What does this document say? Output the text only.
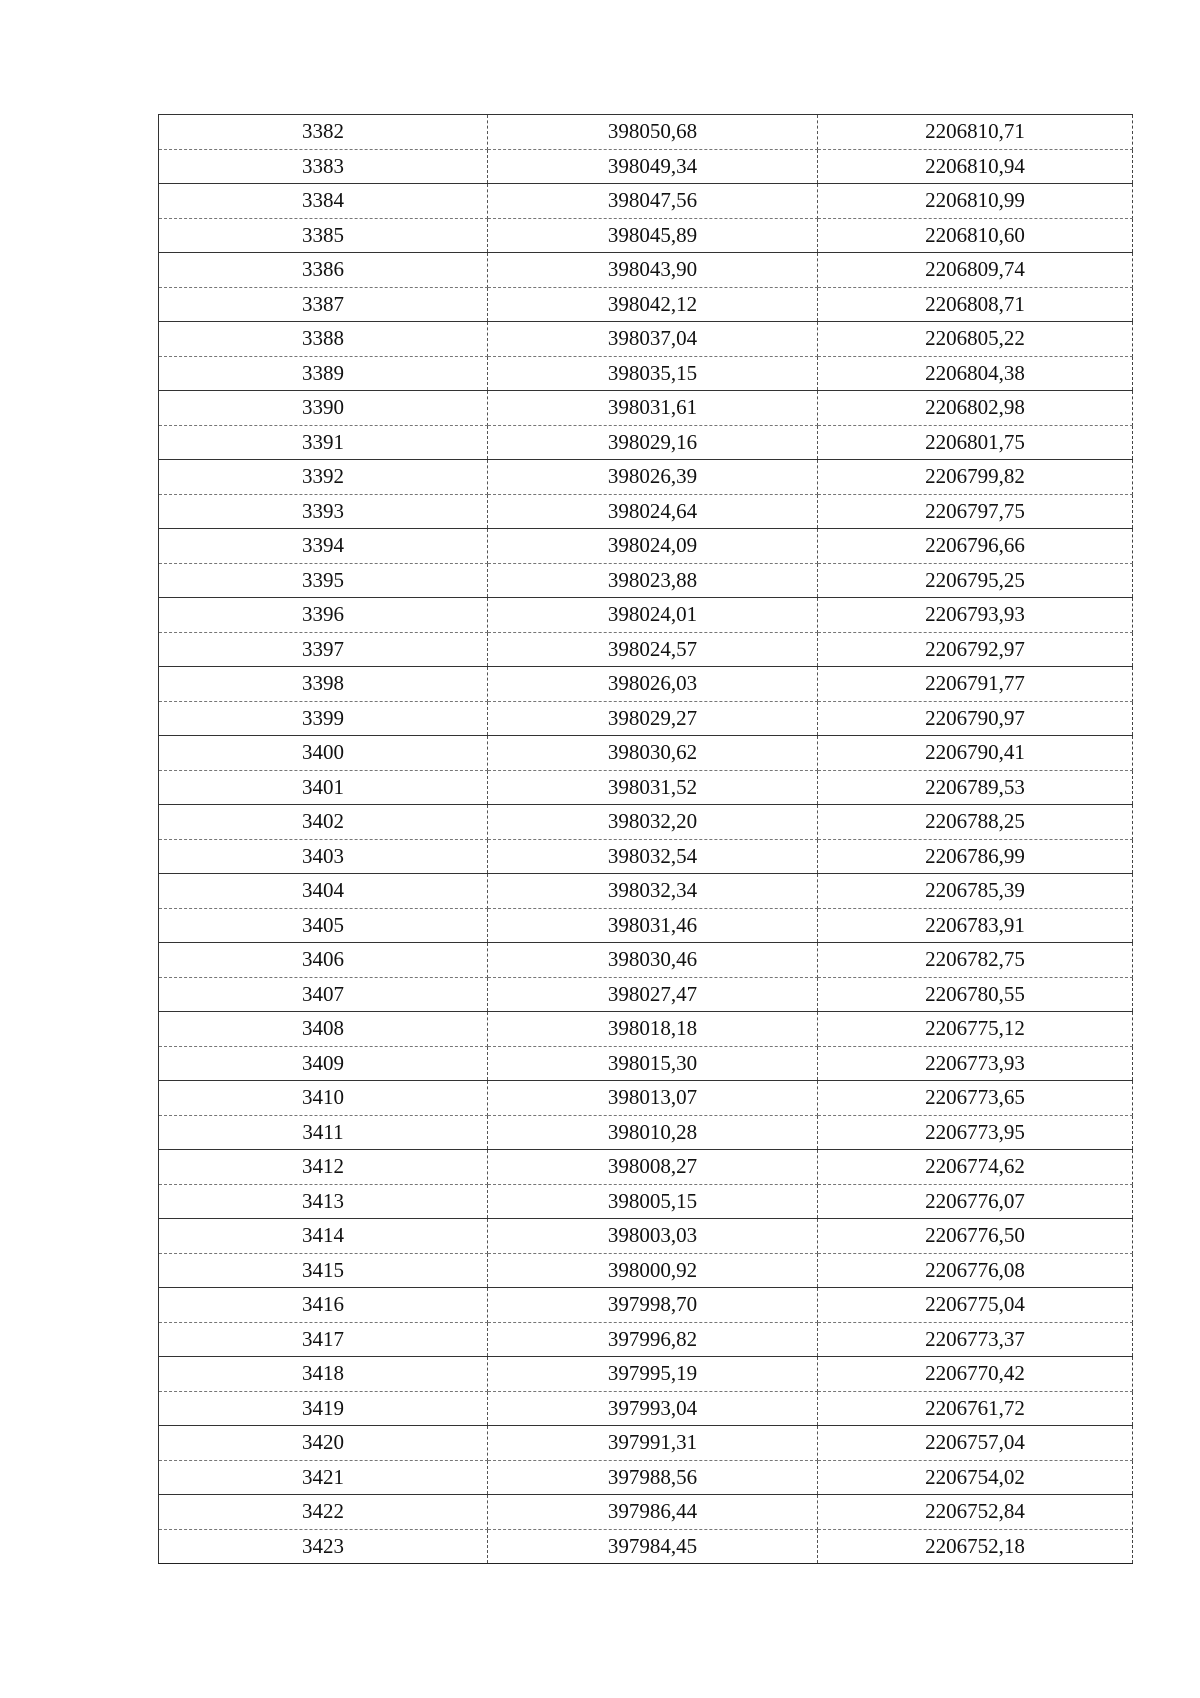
3382	398050,68	2206810,71
3383	398049,34	2206810,94
3384	398047,56	2206810,99
3385	398045,89	2206810,60
3386	398043,90	2206809,74
3387	398042,12	2206808,71
3388	398037,04	2206805,22
3389	398035,15	2206804,38
3390	398031,61	2206802,98
3391	398029,16	2206801,75
3392	398026,39	2206799,82
3393	398024,64	2206797,75
3394	398024,09	2206796,66
3395	398023,88	2206795,25
3396	398024,01	2206793,93
3397	398024,57	2206792,97
3398	398026,03	2206791,77
3399	398029,27	2206790,97
3400	398030,62	2206790,41
3401	398031,52	2206789,53
3402	398032,20	2206788,25
3403	398032,54	2206786,99
3404	398032,34	2206785,39
3405	398031,46	2206783,91
3406	398030,46	2206782,75
3407	398027,47	2206780,55
3408	398018,18	2206775,12
3409	398015,30	2206773,93
3410	398013,07	2206773,65
3411	398010,28	2206773,95
3412	398008,27	2206774,62
3413	398005,15	2206776,07
3414	398003,03	2206776,50
3415	398000,92	2206776,08
3416	397998,70	2206775,04
3417	397996,82	2206773,37
3418	397995,19	2206770,42
3419	397993,04	2206761,72
3420	397991,31	2206757,04
3421	397988,56	2206754,02
3422	397986,44	2206752,84
3423	397984,45	2206752,18
